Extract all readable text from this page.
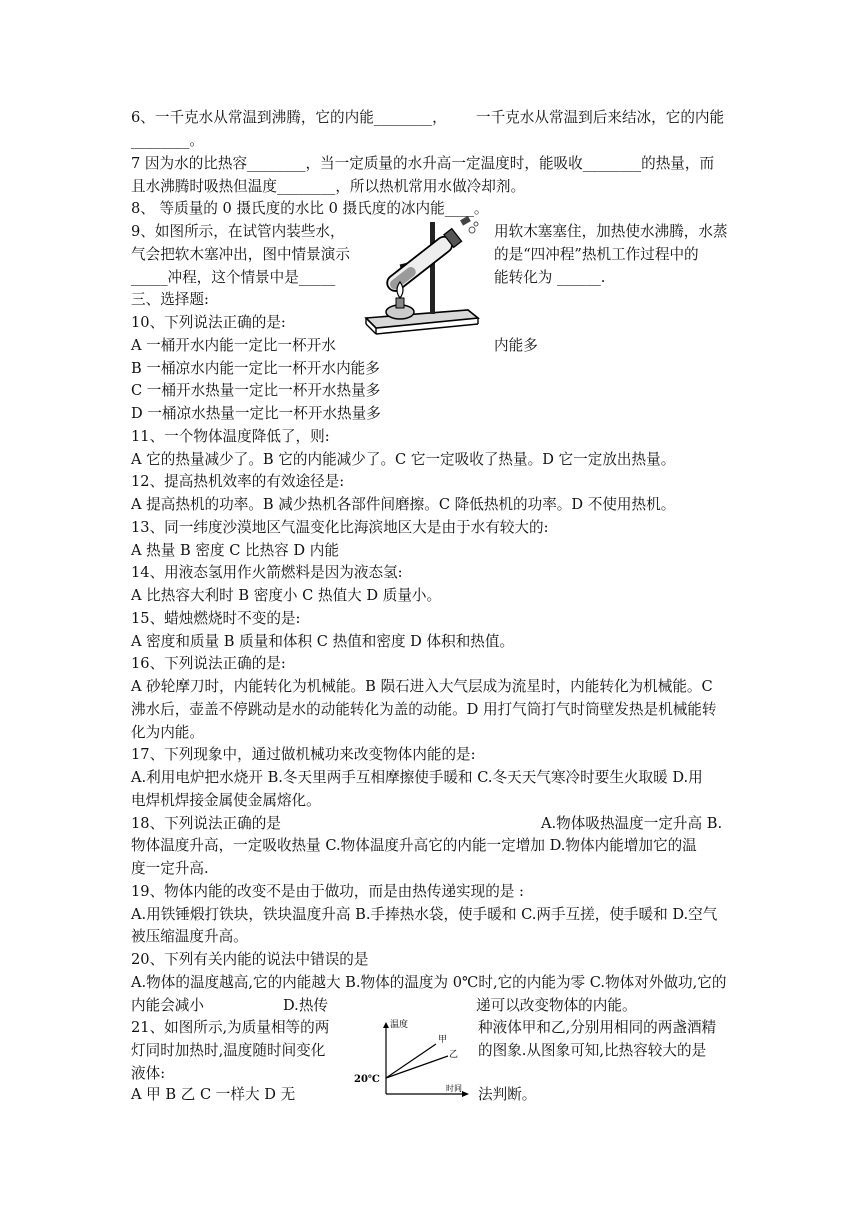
6、一千克水从常温到沸腾，它的内能________， 一千克水从常温到后来结冰，它的内能
________。
7 因为水的比热容________，当一定质量的水升高一定温度时，能吸收________的热量，而
且水沸腾时吸热但温度________，所以热机常用水做冷却剂。
8、 等质量的 0 摄氏度的水比 0 摄氏度的冰内能____。
9、如图所示，在试管内装些水，	用软木塞塞住，加热使水沸腾，水蒸
气会把软木塞冲出，图中情景演示	的是“四冲程”热机工作过程中的
_____冲程，这个情景中是_____	能转化为 ______.
三、选择题:
10、下列说法正确的是:
A 一桶开水内能一定比一杯开水	内能多
B 一桶凉水内能一定比一杯开水内能多
C 一桶开水热量一定比一杯开水热量多
D 一桶凉水热量一定比一杯开水热量多
11、一个物体温度降低了，则:
A 它的热量减少了。B 它的内能减少了。C 它一定吸收了热量。D 它一定放出热量。
12、提高热机效率的有效途径是:
A 提高热机的功率。B 减少热机各部件间磨擦。C 降低热机的功率。D 不使用热机。
13、同一纬度沙漠地区气温变化比海滨地区大是由于水有较大的:
A 热量 B 密度 C 比热容 D 内能
14、用液态氢用作火箭燃料是因为液态氢:
A 比热容大利时 B 密度小 C 热值大 D 质量小。
15、蜡烛燃烧时不变的是:
A 密度和质量 B 质量和体积 C 热值和密度 D 体积和热值。
16、下列说法正确的是:
A 砂轮摩刀时，内能转化为机械能。B 陨石进入大气层成为流星时，内能转化为机械能。C
沸水后，壶盖不停跳动是水的动能转化为盖的动能。D 用打气筒打气时筒壁发热是机械能转
化为内能。
17、下列现象中，通过做机械功来改变物体内能的是:
A.利用电炉把水烧开 B.冬天里两手互相摩擦使手暖和 C.冬天天气寒冷时要生火取暖 D.用
电焊机焊接金属使金属熔化。
18、下列说法正确的是	A.物体吸热温度一定升高 B.
物体温度升高，一定吸收热量 C.物体温度升高它的内能一定增加 D.物体内能增加它的温
度一定升高.
19、物体内能的改变不是由于做功，而是由热传递实现的是 :
A.用铁锤煅打铁块，铁块温度升高 B.手捧热水袋，使手暖和 C.两手互搓，使手暖和 D.空气
被压缩温度升高。
20、下列有关内能的说法中错误的是
A.物体的温度越高,它的内能越大 B.物体的温度为 0℃时,它的内能为零 C.物体对外做功,它的
内能会减小	D.热传	递可以改变物体的内能。
21、如图所示,为质量相等的两	种液体甲和乙,分别用相同的两盏酒精
灯同时加热时,温度随时间变化	的图象.从图象可知,比热容较大的是
液体:
A 甲 B 乙 C 一样大 D 无	法判断。
温度
甲
乙
20℃
时间
